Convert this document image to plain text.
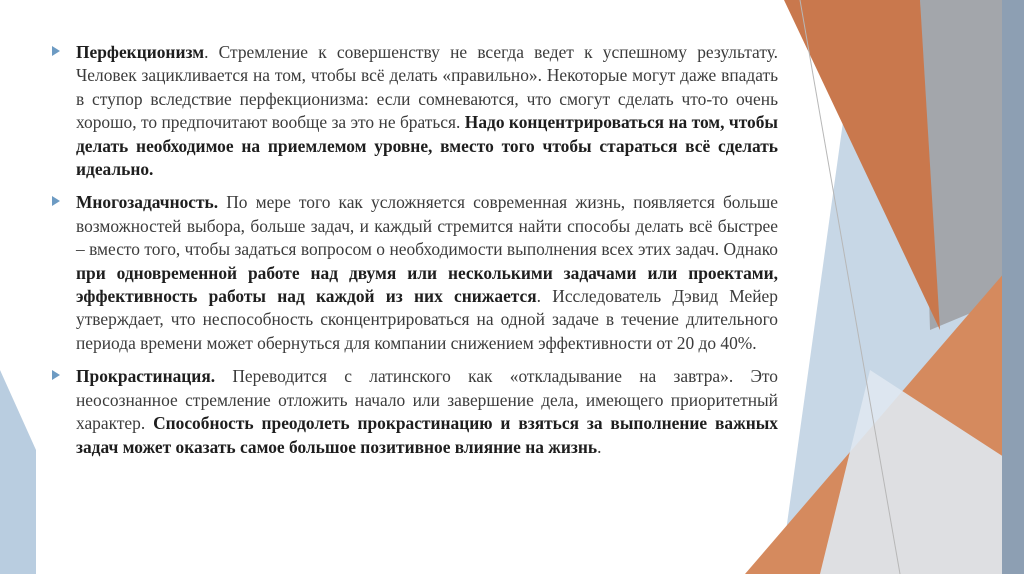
Перфекционизм. Стремление к совершенству не всегда ведет к успешному результату. Человек зацикливается на том, чтобы всё делать «правильно». Некоторые могут даже впадать в ступор вследствие перфекционизма: если сомневаются, что смогут сделать что-то очень хорошо, то предпочитают вообще за это не браться. Надо концентрироваться на том, чтобы делать необходимое на приемлемом уровне, вместо того чтобы стараться всё сделать идеально.

Многозадачность. По мере того как усложняется современная жизнь, появляется больше возможностей выбора, больше задач, и каждый стремится найти способы делать всё быстрее – вместо того, чтобы задаться вопросом о необходимости выполнения всех этих задач. Однако при одновременной работе над двумя или несколькими задачами или проектами, эффективность работы над каждой из них снижается. Исследователь Дэвид Мейер утверждает, что неспособность сконцентрироваться на одной задаче в течение длительного периода времени может обернуться для компании снижением эффективности от 20 до 40%.

Прокрастинация. Переводится с латинского как «откладывание на завтра». Это неосознанное стремление отложить начало или завершение дела, имеющего приоритетный характер. Способность преодолеть прокрастинацию и взяться за выполнение важных задач может оказать самое большое позитивное влияние на жизнь.
